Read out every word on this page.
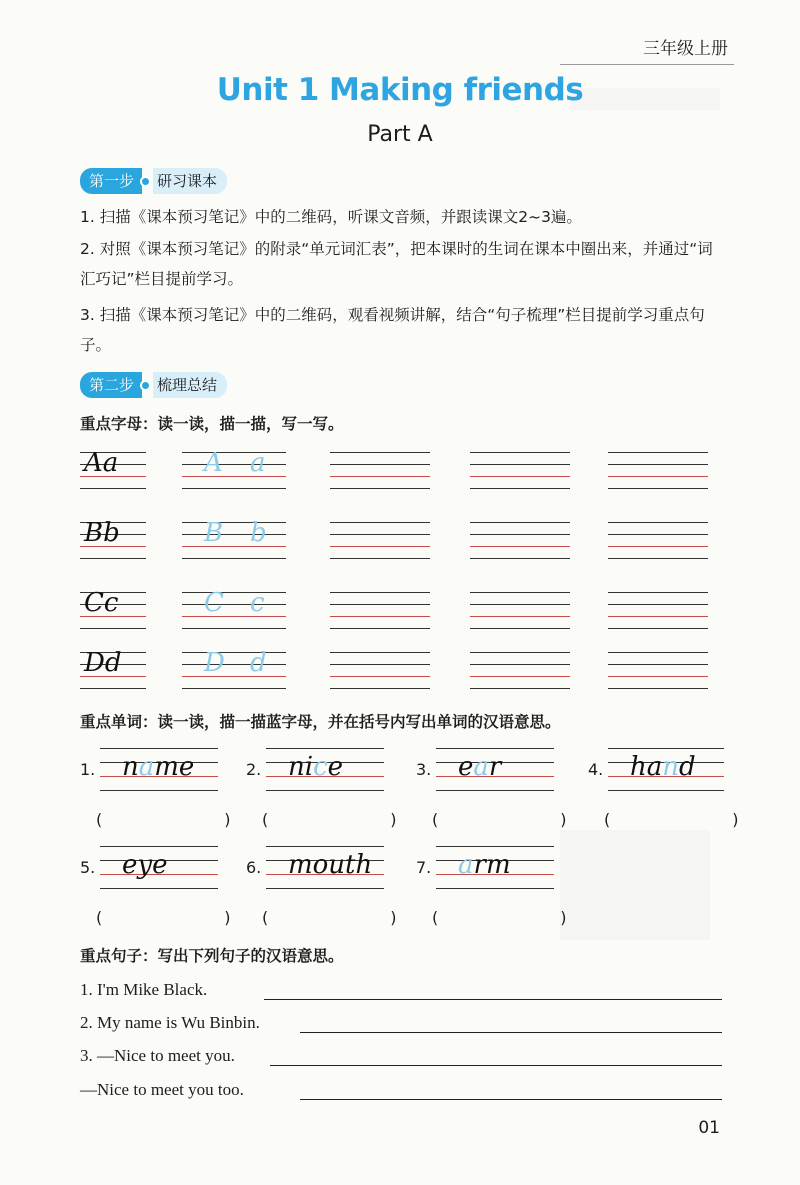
三年级上册
Unit 1 Making friends
Part A
第一步	研习课本
1. 扫描《课本预习笔记》中的二维码，听课文音频，并跟读课文2~3遍。
2. 对照《课本预习笔记》的附录“单元词汇表”，把本课时的生词在课本中圈出来，并通过“词汇巧记”栏目提前学习。
3. 扫描《课本预习笔记》中的二维码，观看视频讲解，结合“句子梳理”栏目提前学习重点句子。
第二步	梳理总结
重点字母：读一读，描一描，写一写。
Aa	A a
Bb	B b
Cc	C c
Dd	D d
重点单词：读一读，描一描蓝字母，并在括号内写出单词的汉语意思。
1. name
(                        )
2. nice
(                        )
3. ear
(                        )
4. hand
(                        )
5. eye
(                        )
6. mouth
(                        )
7. arm
(                        )
重点句子：写出下列句子的汉语意思。
1. I'm Mike Black.
2. My name is Wu Binbin.
3. —Nice to meet you.
—Nice to meet you too.
01
